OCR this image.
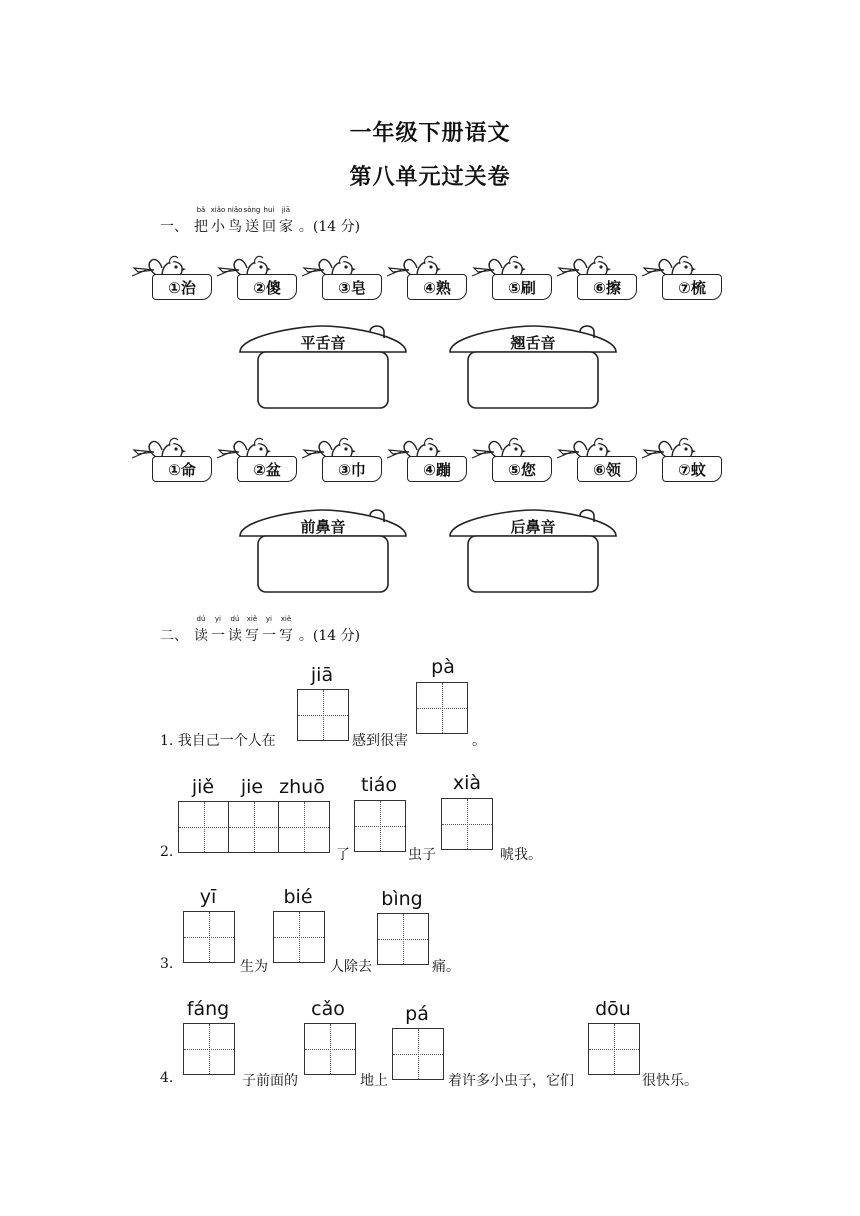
一年级下册语文
第八单元过关卷
一、
bǎ
把
xiǎo
小
niǎo
鸟
sòng
送
huí
回
jiā
家 。(14 分)
①治	②傻	③皂	④熟	⑤刷	⑥擦	⑦梳
平舌音	翘舌音
①命	②盆	③巾	④蹦	⑤您	⑥领	⑦蚊
前鼻音	后鼻音
二、
dú
读
yi
一
dú
读
xiě
写
yi
一
xiě
写 。(14 分)
1. 我自己一个人在
jiā
感到很害
pà
。
2.
jiě	jie zhuō
了
tiáo
虫子
xià
唬我。
3.
yī
生为
bié
人除去
bìng
痛。
4.
fáng
子前面的
cǎo
地上
pá
着许多小虫子，它们
dōu
很快乐。
